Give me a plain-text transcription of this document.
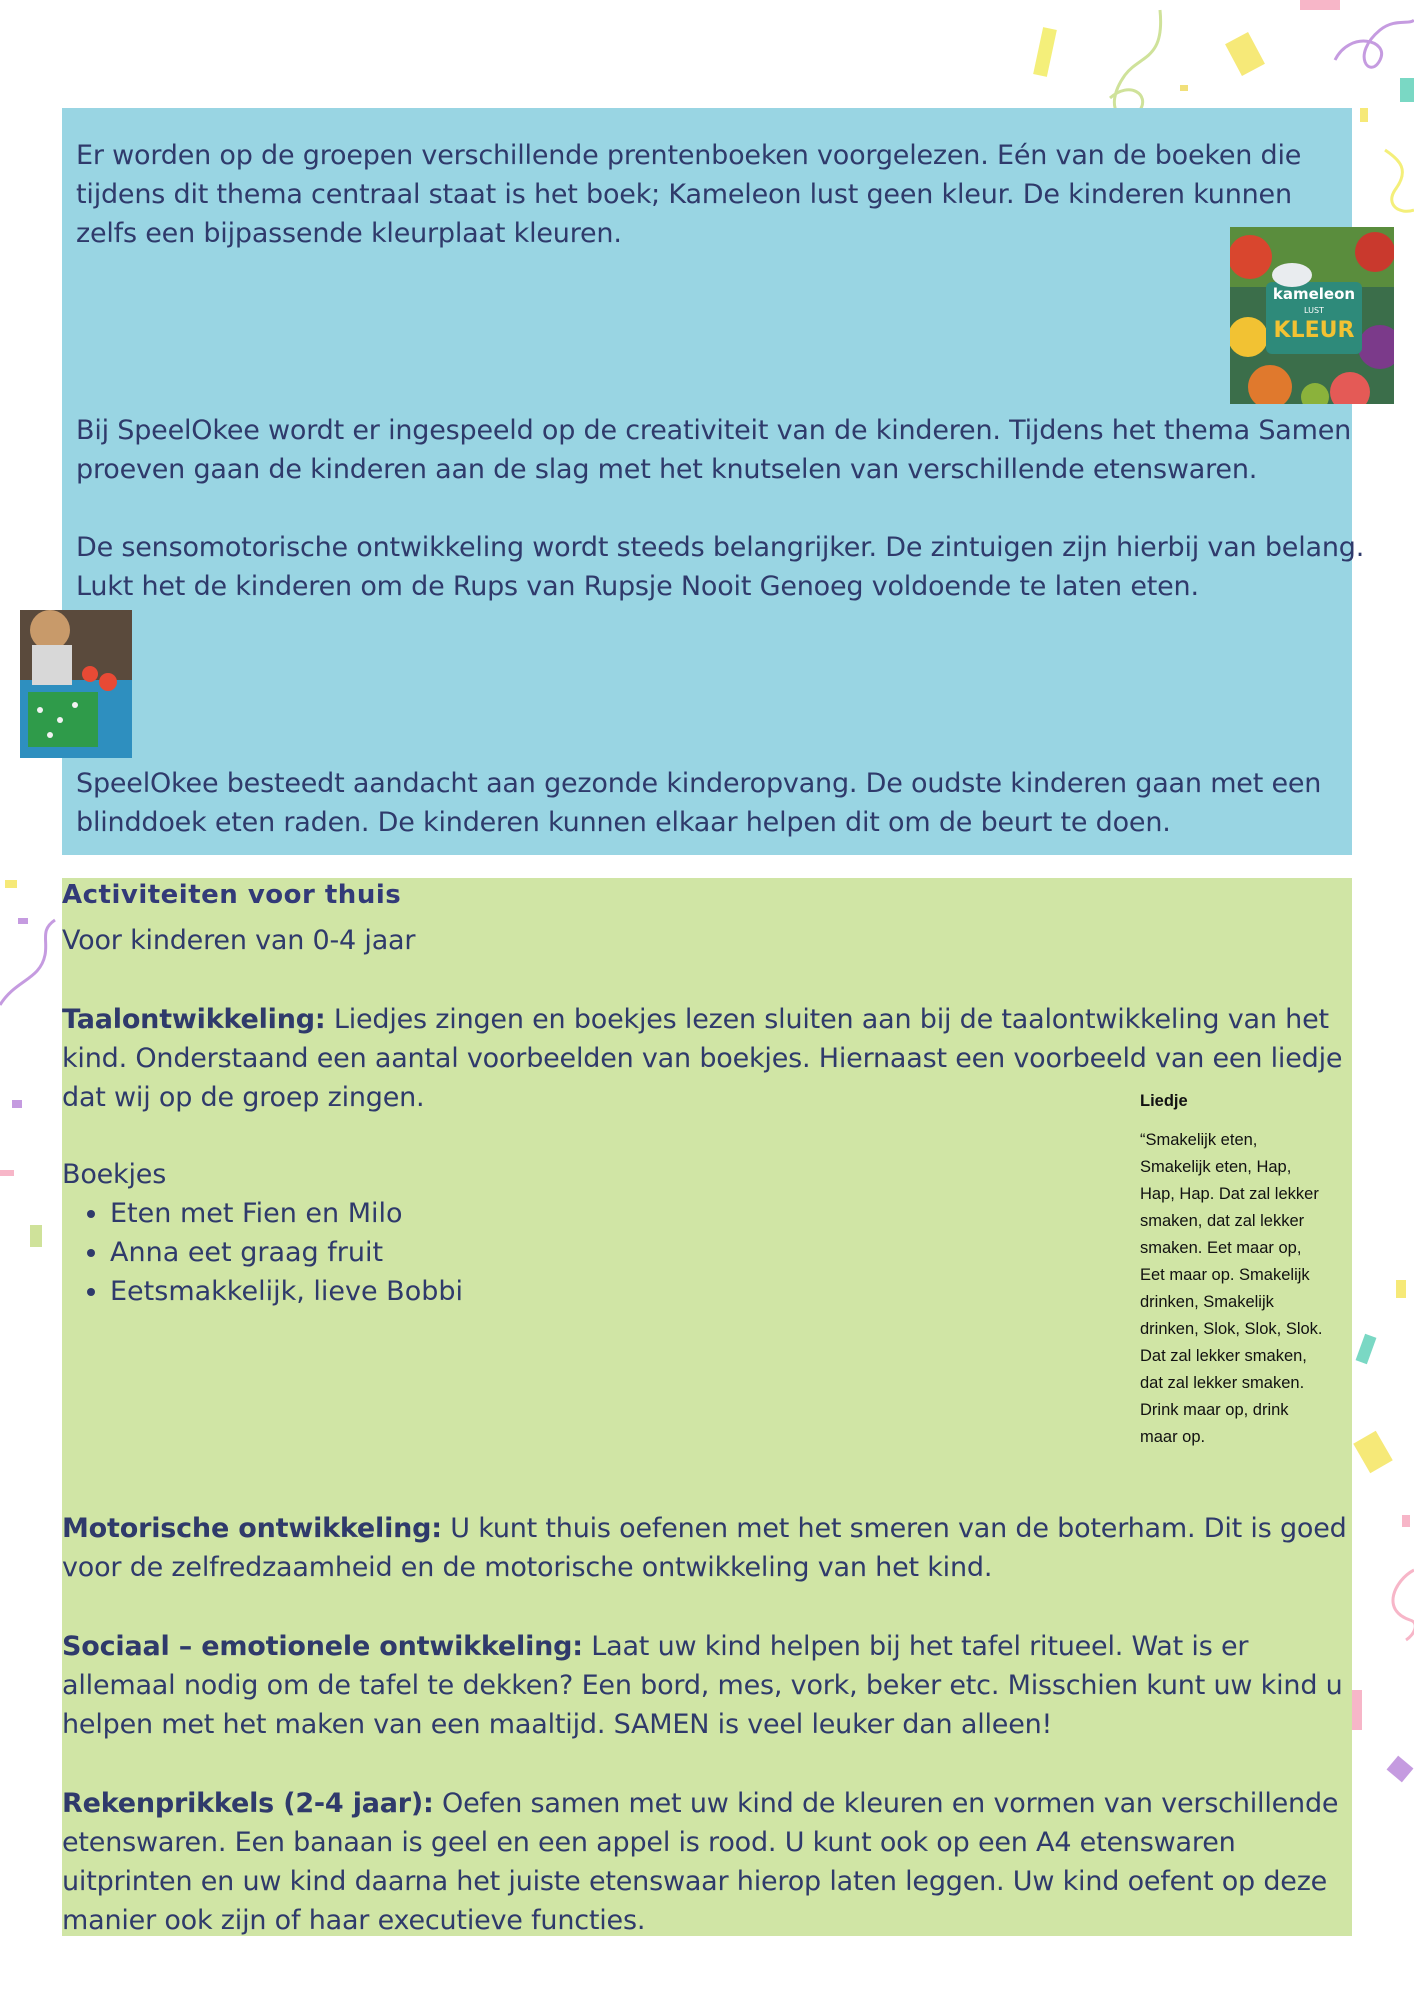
Er worden op de groepen verschillende prentenboeken voorgelezen. Eén van de boeken die tijdens dit thema centraal staat is het boek; Kameleon lust geen kleur. De kinderen kunnen zelfs een bijpassende kleurplaat kleuren.

kameleon
LUST
KLEUR

Bij SpeelOkee wordt er ingespeeld op de creativiteit van de kinderen. Tijdens het thema Samen proeven gaan de kinderen aan de slag met het knutselen van verschillende etenswaren.

De sensomotorische ontwikkeling wordt steeds belangrijker. De zintuigen zijn hierbij van belang. Lukt het de kinderen om de Rups van Rupsje Nooit Genoeg voldoende te laten eten.

SpeelOkee besteedt aandacht aan gezonde kinderopvang. De oudste kinderen gaan met een blinddoek eten raden. De kinderen kunnen elkaar helpen dit om de beurt te doen.

Activiteiten voor thuis

Voor kinderen van 0-4 jaar

Taalontwikkeling: Liedjes zingen en boekjes lezen sluiten aan bij de taalontwikkeling van het kind. Onderstaand een aantal voorbeelden van boekjes. Hiernaast een voorbeeld van een liedje dat wij op de groep zingen.

Boekjes

• Eten met Fien en Milo
• Anna eet graag fruit
• Eetsmakkelijk, lieve Bobbi
Liedje
“Smakelijk eten, Smakelijk eten, Hap, Hap, Hap. Dat zal lekker smaken, dat zal lekker smaken. Eet maar op, Eet maar op. Smakelijk drinken, Smakelijk drinken, Slok, Slok, Slok. Dat zal lekker smaken, dat zal lekker smaken. Drink maar op, drink maar op.

Motorische ontwikkeling: U kunt thuis oefenen met het smeren van de boterham. Dit is goed voor de zelfredzaamheid en de motorische ontwikkeling van het kind.

Sociaal – emotionele ontwikkeling: Laat uw kind helpen bij het tafel ritueel. Wat is er allemaal nodig om de tafel te dekken? Een bord, mes, vork, beker etc. Misschien kunt uw kind u helpen met het maken van een maaltijd. SAMEN is veel leuker dan alleen!

Rekenprikkels (2-4 jaar): Oefen samen met uw kind de kleuren en vormen van verschillende etenswaren. Een banaan is geel en een appel is rood. U kunt ook op een A4 etenswaren uitprinten en uw kind daarna het juiste etenswaar hierop laten leggen. Uw kind oefent op deze manier ook zijn of haar executieve functies.
